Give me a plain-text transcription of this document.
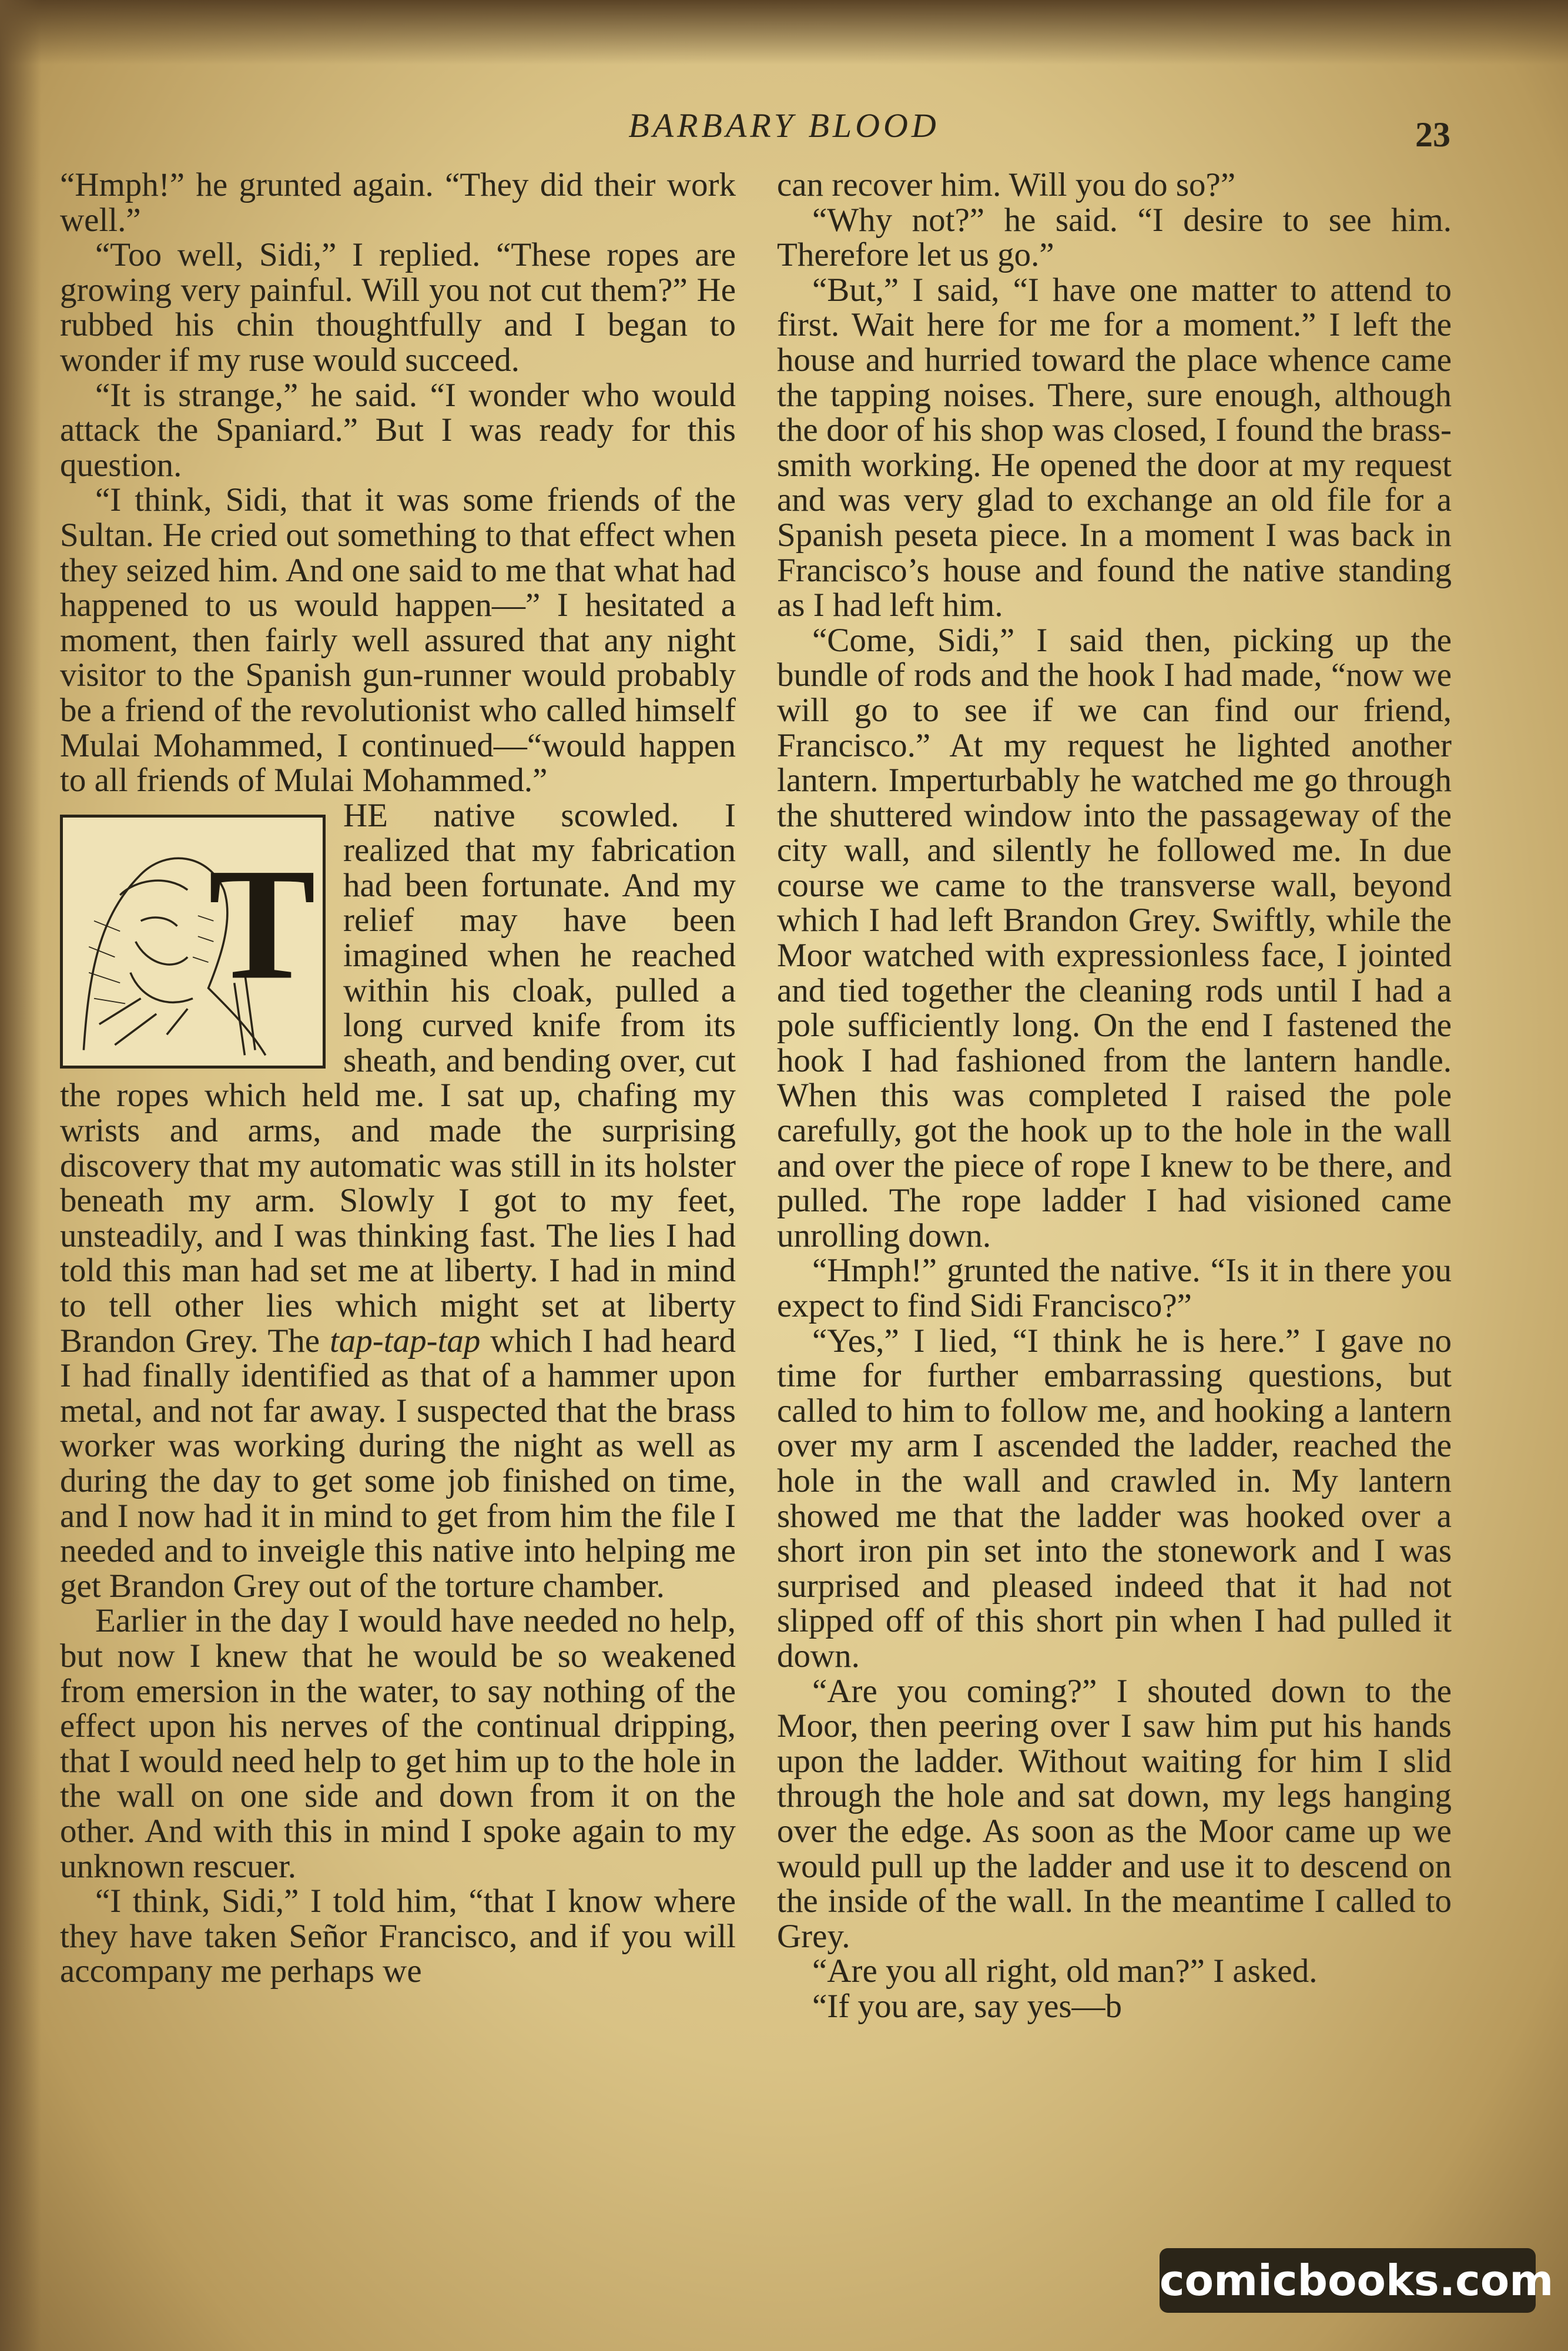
BARBARY BLOOD	23

“Hmph!” he grunted again. “They did their work well.”

“Too well, Sidi,” I replied. “These ropes are growing very painful. Will you not cut them?” He rubbed his chin thoughtfully and I began to wonder if my ruse would succeed.

“It is strange,” he said. “I wonder who would attack the Spaniard.” But I was ready for this question.

“I think, Sidi, that it was some friends of the Sultan. He cried out something to that effect when they seized him. And one said to me that what had happened to us would happen—” I hesitated a moment, then fairly well assured that any night visitor to the Spanish gun-runner would probably be a friend of the revolutionist who called himself Mulai Mohammed, I continued—“would happen to all friends of Mulai Mohammed.”

T
HE native scowled. I realized that my fabrication had been fortunate. And my relief may have been imagined when he reached within his cloak, pulled a long curved knife from its sheath, and bending over, cut the ropes which held me. I sat up, chafing my wrists and arms, and made the surprising discovery that my automatic was still in its holster beneath my arm. Slowly I got to my feet, unsteadily, and I was thinking fast. The lies I had told this man had set me at liberty. I had in mind to tell other lies which might set at liberty Brandon Grey. The tap-tap-tap which I had heard I had finally identified as that of a hammer upon metal, and not far away. I suspected that the brass worker was working during the night as well as during the day to get some job finished on time, and I now had it in mind to get from him the file I needed and to inveigle this native into helping me get Brandon Grey out of the torture chamber.

Earlier in the day I would have needed no help, but now I knew that he would be so weakened from emersion in the water, to say nothing of the effect upon his nerves of the continual dripping, that I would need help to get him up to the hole in the wall on one side and down from it on the other. And with this in mind I spoke again to my unknown rescuer.

“I think, Sidi,” I told him, “that I know where they have taken Señor Francisco, and if you will accompany me perhaps we

can recover him. Will you do so?”

“Why not?” he said. “I desire to see him. Therefore let us go.”

“But,” I said, “I have one matter to attend to first. Wait here for me for a moment.” I left the house and hurried toward the place whence came the tapping noises. There, sure enough, although the door of his shop was closed, I found the brass-smith working. He opened the door at my request and was very glad to exchange an old file for a Spanish peseta piece. In a moment I was back in Francisco’s house and found the native standing as I had left him.

“Come, Sidi,” I said then, picking up the bundle of rods and the hook I had made, “now we will go to see if we can find our friend, Francisco.” At my request he lighted another lantern. Imperturbably he watched me go through the shuttered window into the passageway of the city wall, and silently he followed me. In due course we came to the transverse wall, beyond which I had left Brandon Grey. Swiftly, while the Moor watched with expressionless face, I jointed and tied together the cleaning rods until I had a pole sufficiently long. On the end I fastened the hook I had fashioned from the lantern handle. When this was completed I raised the pole carefully, got the hook up to the hole in the wall and over the piece of rope I knew to be there, and pulled. The rope ladder I had visioned came unrolling down.

“Hmph!” grunted the native. “Is it in there you expect to find Sidi Francisco?”

“Yes,” I lied, “I think he is here.” I gave no time for further embarrassing questions, but called to him to follow me, and hooking a lantern over my arm I ascended the ladder, reached the hole in the wall and crawled in. My lantern showed me that the ladder was hooked over a short iron pin set into the stonework and I was surprised and pleased indeed that it had not slipped off of this short pin when I had pulled it down.

“Are you coming?” I shouted down to the Moor, then peering over I saw him put his hands upon the ladder. Without waiting for him I slid through the hole and sat down, my legs hanging over the edge. As soon as the Moor came up we would pull up the ladder and use it to descend on the inside of the wall. In the meantime I called to Grey.

“Are you all right, old man?” I asked.

“If you are, say yes—b

comicbooks.com
